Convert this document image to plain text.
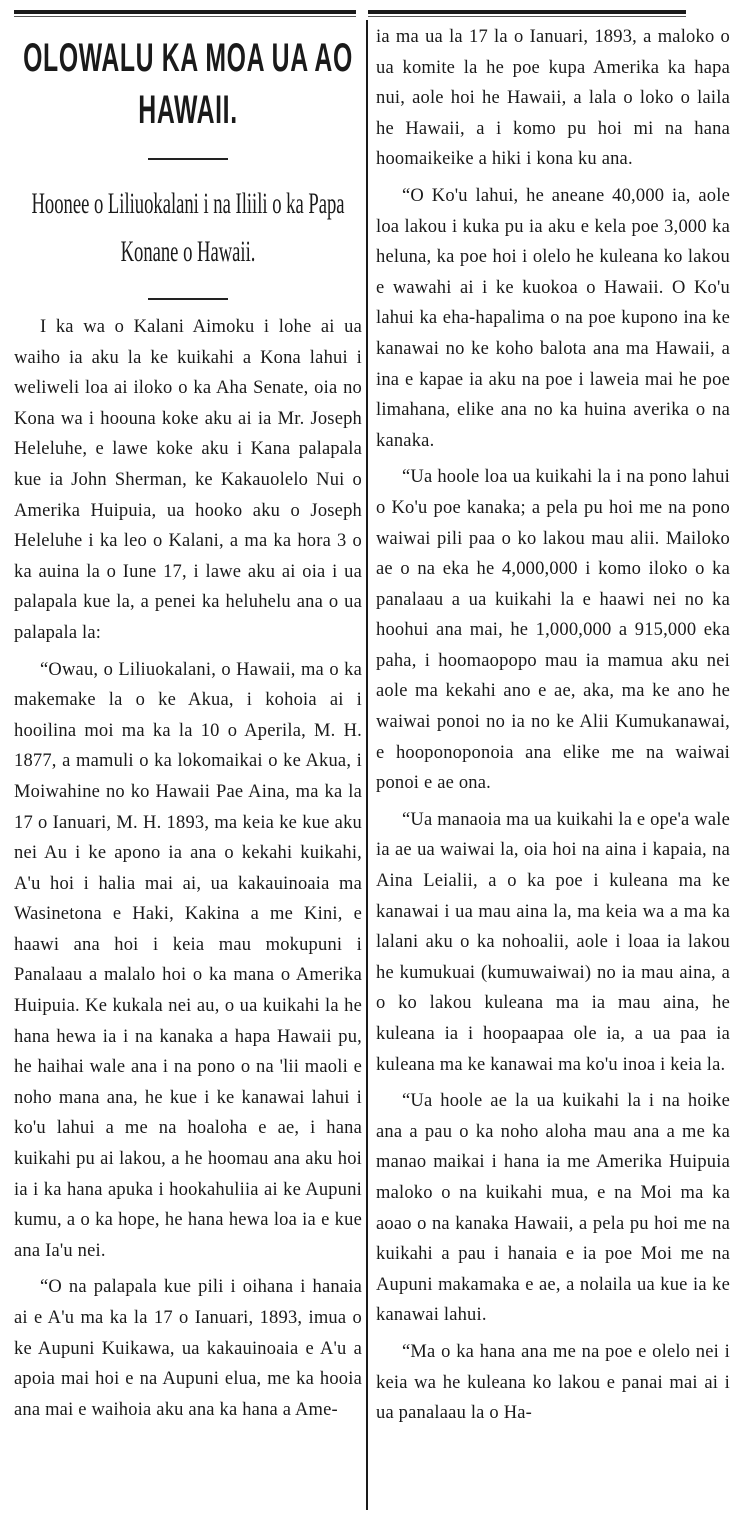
OLOWALU KA MOA UA AO
HAWAII.
Hoonee o Liliuokalani i na Iliili o ka Papa
Konane o Hawaii.

I ka wa o Kalani Aimoku i lohe ai ua waiho ia aku la ke kuikahi a Kona lahui i weliweli loa ai iloko o ka Aha Senate, oia no Kona wa i hoouna koke aku ai ia Mr. Joseph Heleluhe, e lawe koke aku i Kana palapala kue ia John Sherman, ke Kakauolelo Nui o Amerika Huipuia, ua hooko aku o Joseph Heleluhe i ka leo o Kalani, a ma ka hora 3 o ka auina la o Iune 17, i lawe aku ai oia i ua palapala kue la, a penei ka heluhelu ana o ua palapala la:

“Owau, o Liliuokalani, o Hawaii, ma o ka makemake la o ke Akua, i kohoia ai i hooilina moi ma ka la 10 o Aperila, M. H. 1877, a mamuli o ka lokomaikai o ke Akua, i Moiwahine no ko Hawaii Pae Aina, ma ka la 17 o Ianuari, M. H. 1893, ma keia ke kue aku nei Au i ke apono ia ana o kekahi kuikahi, A'u hoi i halia mai ai, ua kakauinoaia ma Wasinetona e Haki, Kakina a me Kini, e haawi ana hoi i keia mau mokupuni i Panalaau a malalo hoi o ka mana o Amerika Huipuia. Ke kukala nei au, o ua kuikahi la he hana hewa ia i na kanaka a hapa Hawaii pu, he haihai wale ana i na pono o na 'lii maoli e noho mana ana, he kue i ke kanawai lahui i ko'u lahui a me na hoaloha e ae, i hana kuikahi pu ai lakou, a he hoomau ana aku hoi ia i ka hana apuka i hookahuliia ai ke Aupuni kumu, a o ka hope, he hana hewa loa ia e kue ana Ia'u nei.

“O na palapala kue pili i oihana i hanaia ai e A'u ma ka la 17 o Ianuari, 1893, imua o ke Aupuni Kuikawa, ua kakauinoaia e A'u a apoia mai hoi e na Aupuni elua, me ka hooia ana mai e waihoia aku ana ka hana a Ame-

ia ma ua la 17 la o Ianuari, 1893, a maloko o ua komite la he poe kupa Amerika ka hapa nui, aole hoi he Hawaii, a lala o loko o laila he Hawaii, a i komo pu hoi mi na hana hoomaikeike a hiki i kona ku ana.

“O Ko'u lahui, he aneane 40,000 ia, aole loa lakou i kuka pu ia aku e kela poe 3,000 ka heluna, ka poe hoi i olelo he kuleana ko lakou e wawahi ai i ke kuokoa o Hawaii. O Ko'u lahui ka eha-hapalima o na poe kupono ina ke kanawai no ke koho balota ana ma Hawaii, a ina e kapae ia aku na poe i laweia mai he poe limahana, elike ana no ka huina averika o na kanaka.

“Ua hoole loa ua kuikahi la i na pono lahui o Ko'u poe kanaka; a pela pu hoi me na pono waiwai pili paa o ko lakou mau alii. Mailoko ae o na eka he 4,000,000 i komo iloko o ka panalaau a ua kuikahi la e haawi nei no ka hoohui ana mai, he 1,000,000 a 915,000 eka paha, i hoomaopopo mau ia mamua aku nei aole ma kekahi ano e ae, aka, ma ke ano he waiwai ponoi no ia no ke Alii Kumukanawai, e hooponoponoia ana elike me na waiwai ponoi e ae ona.

“Ua manaoia ma ua kuikahi la e ope'a wale ia ae ua waiwai la, oia hoi na aina i kapaia, na Aina Leialii, a o ka poe i kuleana ma ke kanawai i ua mau aina la, ma keia wa a ma ka lalani aku o ka nohoalii, aole i loaa ia lakou he kumukuai (kumuwaiwai) no ia mau aina, a o ko lakou kuleana ma ia mau aina, he kuleana ia i hoopaapaa ole ia, a ua paa ia kuleana ma ke kanawai ma ko'u inoa i keia la.

“Ua hoole ae la ua kuikahi la i na hoike ana a pau o ka noho aloha mau ana a me ka manao maikai i hana ia me Amerika Huipuia maloko o na kuikahi mua, e na Moi ma ka aoao o na kanaka Hawaii, a pela pu hoi me na kuikahi a pau i hanaia e ia poe Moi me na Aupuni makamaka e ae, a nolaila ua kue ia ke kanawai lahui.

“Ma o ka hana ana me na poe e olelo nei i keia wa he kuleana ko lakou e panai mai ai i ua panalaau la o Ha-
